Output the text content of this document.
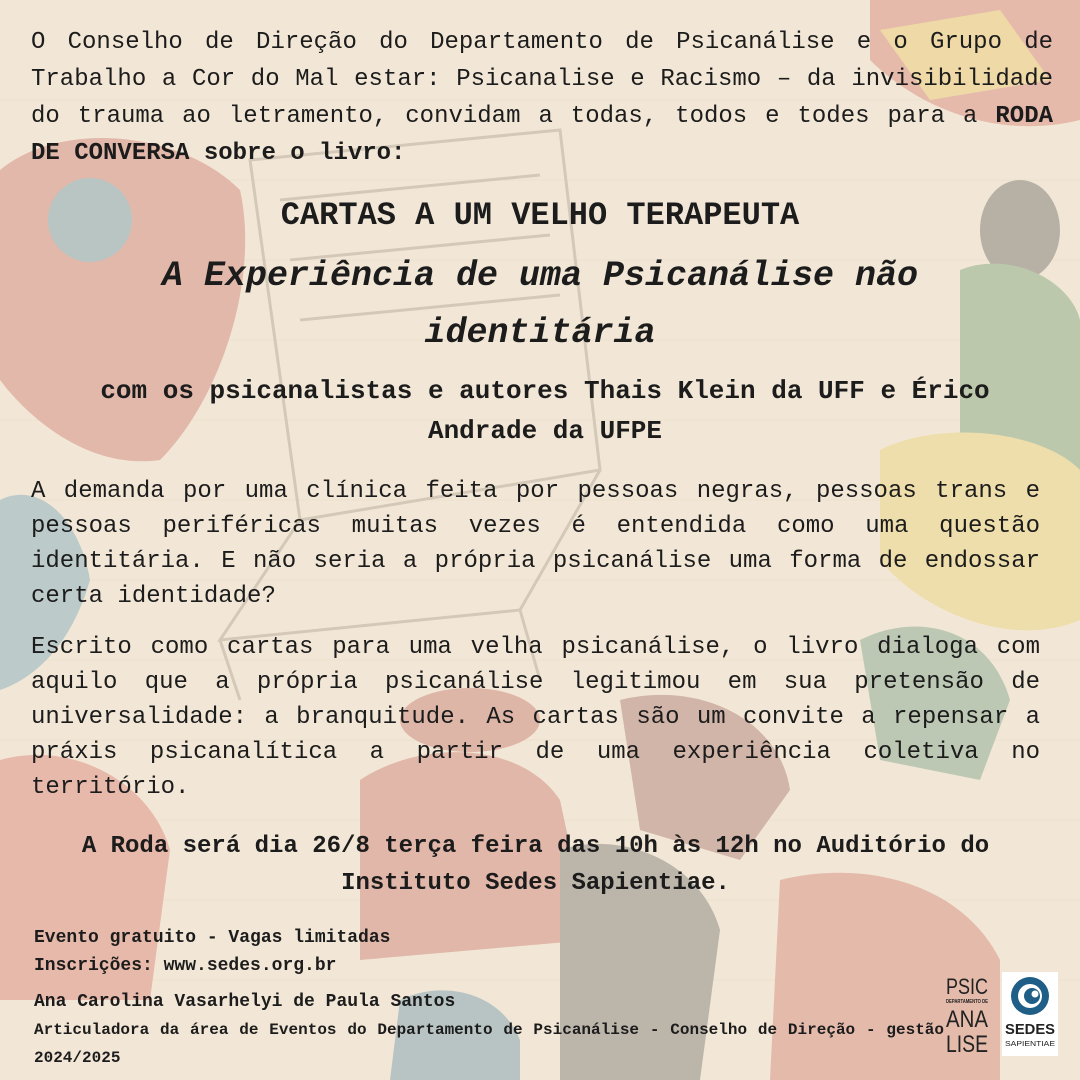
O Conselho de Direção do Departamento de Psicanálise e o Grupo de Trabalho a Cor do Mal estar: Psicanalise e Racismo – da invisibilidade do trauma ao letramento, convidam a todas, todos e todes para a RODA DE CONVERSA sobre o livro:

CARTAS A UM VELHO TERAPEUTA
A Experiência de uma Psicanálise não identitária

com os psicanalistas e autores Thais Klein da UFF e Érico Andrade da UFPE

A demanda por uma clínica feita por pessoas negras, pessoas trans e pessoas periféricas muitas vezes é entendida como uma questão identitária. E não seria a própria psicanálise uma forma de endossar certa identidade?

Escrito como cartas para uma velha psicanálise, o livro dialoga com aquilo que a própria psicanálise legitimou em sua pretensão de universalidade: a branquitude. As cartas são um convite a repensar a práxis psicanalítica a partir de uma experiência coletiva no território.

A Roda será dia 26/8 terça feira das 10h às 12h no Auditório do Instituto Sedes Sapientiae.

Evento gratuito - Vagas limitadas

Inscrições: www.sedes.org.br

Ana Carolina Vasarhelyi de Paula Santos

Articuladora da área de Eventos do Departamento de Psicanálise - Conselho de Direção - gestão 2024/2025

PSIC
DEPARTAMENTO DE
ANA
LISE
SEDES
SAPIENTIAE
